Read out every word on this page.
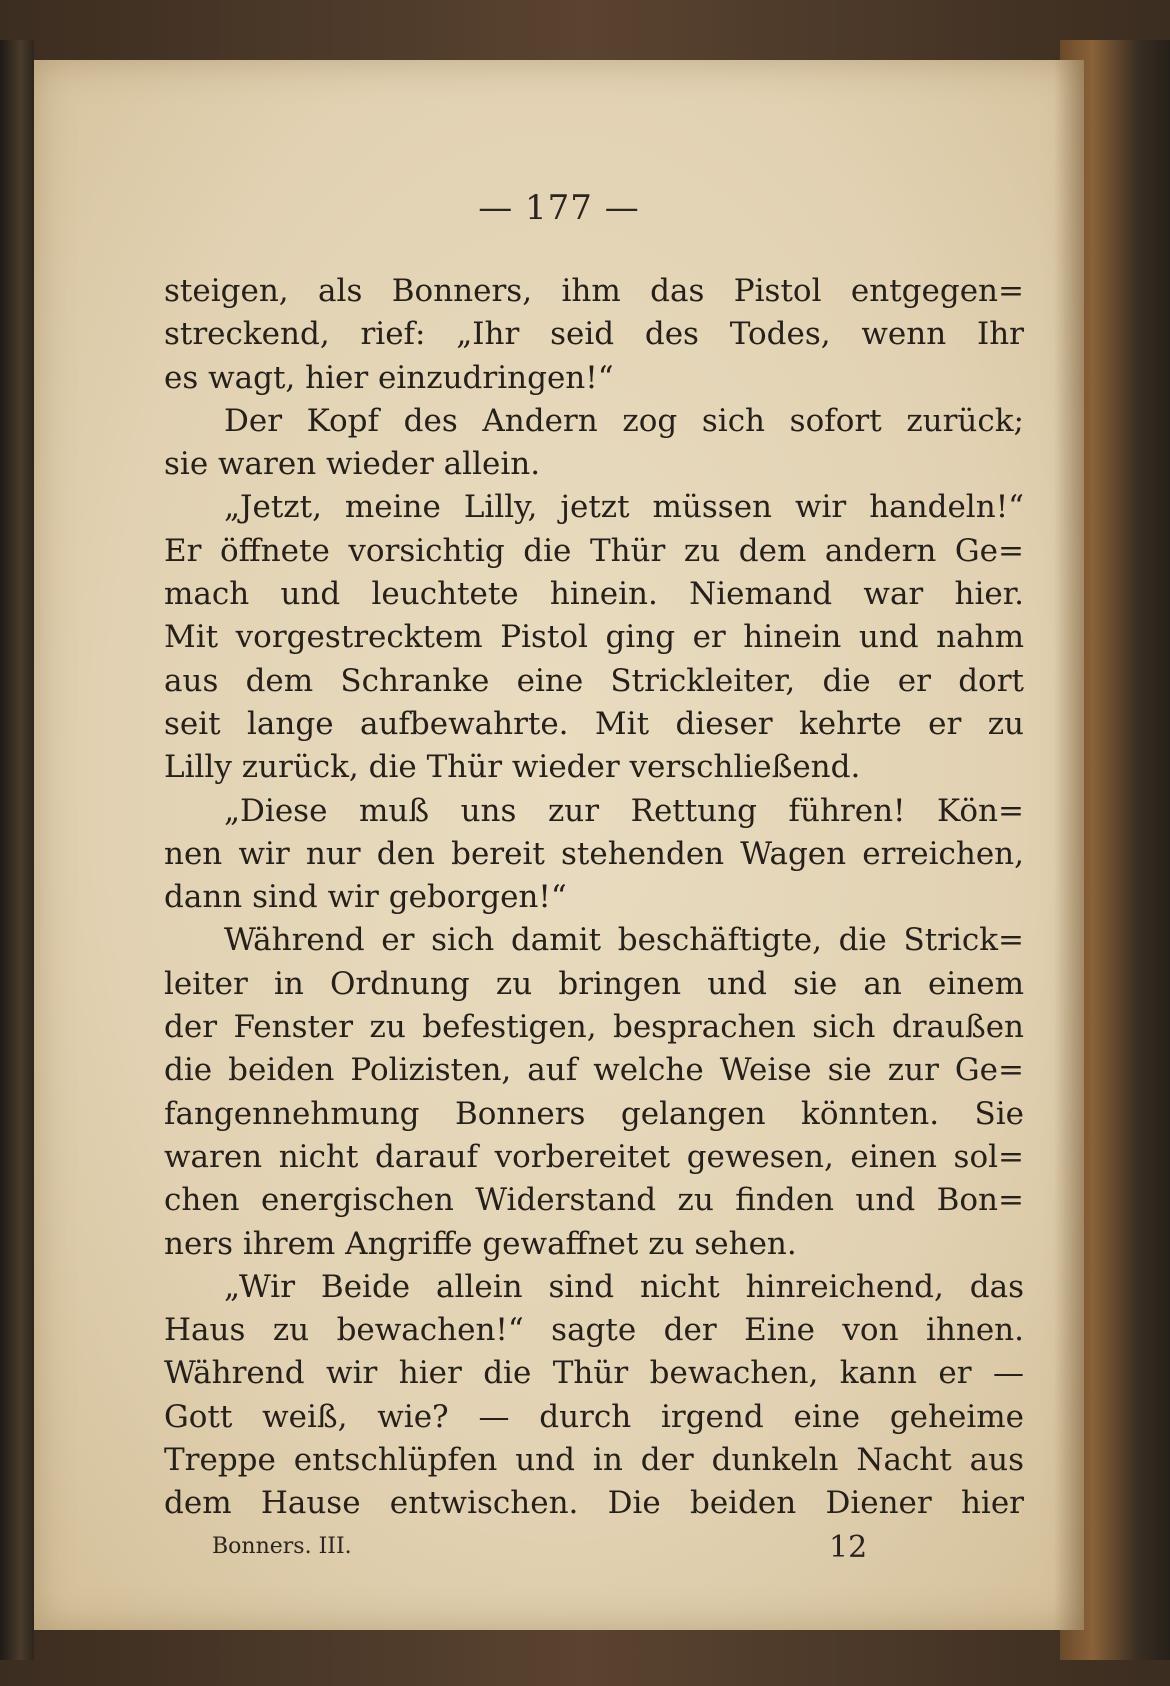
— 177 —
steigen, als Bonners, ihm das Pistol entgegen=
streckend, rief: „Ihr seid des Todes, wenn Ihr
es wagt, hier einzudringen!“
Der Kopf des Andern zog sich sofort zurück;
sie waren wieder allein.
„Jetzt, meine Lilly, jetzt müssen wir handeln!“
Er öffnete vorsichtig die Thür zu dem andern Ge=
mach und leuchtete hinein. Niemand war hier.
Mit vorgestrecktem Pistol ging er hinein und nahm
aus dem Schranke eine Strickleiter, die er dort
seit lange aufbewahrte. Mit dieser kehrte er zu
Lilly zurück, die Thür wieder verschließend.
„Diese muß uns zur Rettung führen! Kön=
nen wir nur den bereit stehenden Wagen erreichen,
dann sind wir geborgen!“
Während er sich damit beschäftigte, die Strick=
leiter in Ordnung zu bringen und sie an einem
der Fenster zu befestigen, besprachen sich draußen
die beiden Polizisten, auf welche Weise sie zur Ge=
fangennehmung Bonners gelangen könnten. Sie
waren nicht darauf vorbereitet gewesen, einen sol=
chen energischen Widerstand zu finden und Bon=
ners ihrem Angriffe gewaffnet zu sehen.
„Wir Beide allein sind nicht hinreichend, das
Haus zu bewachen!“ sagte der Eine von ihnen.
Während wir hier die Thür bewachen, kann er —
Gott weiß, wie? — durch irgend eine geheime
Treppe entschlüpfen und in der dunkeln Nacht aus
dem Hause entwischen. Die beiden Diener hier
Bonners. III.	12
